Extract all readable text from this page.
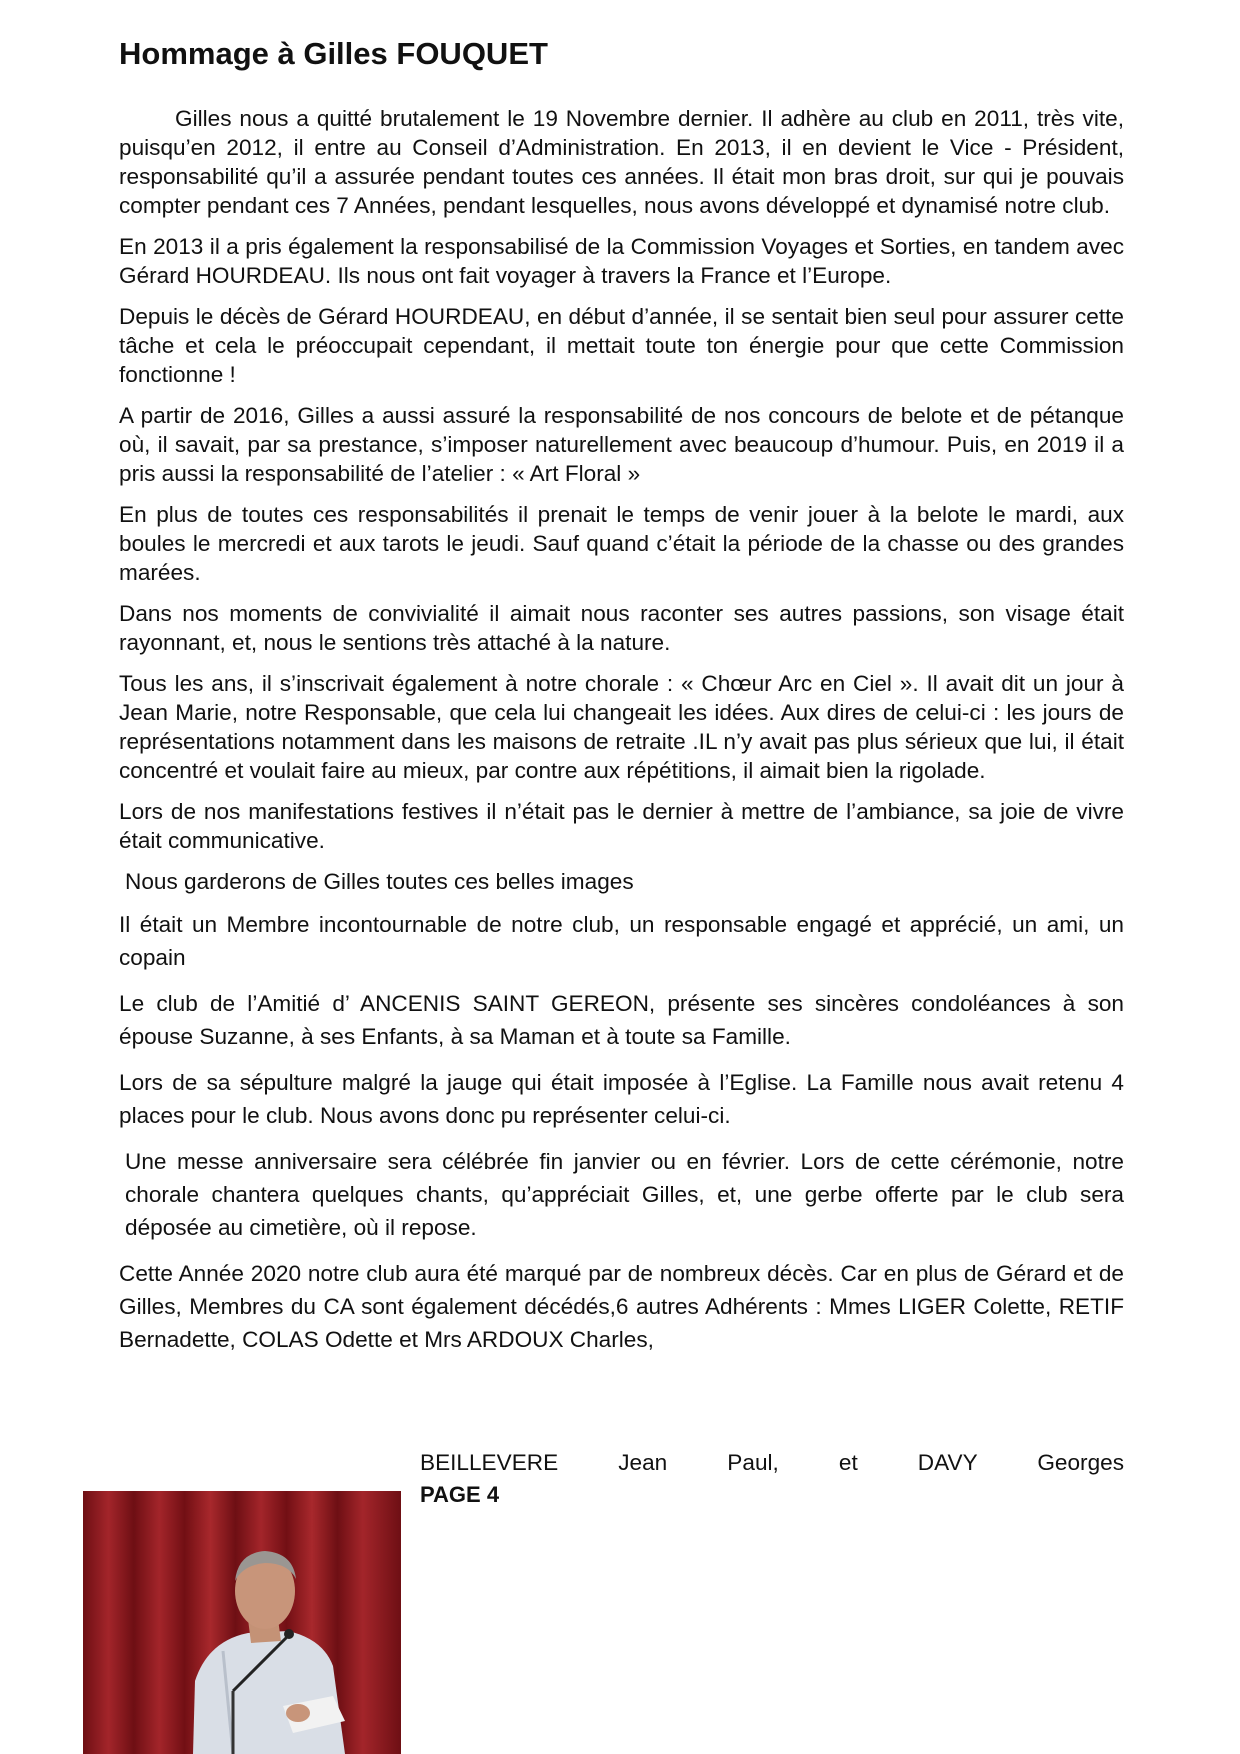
Hommage à Gilles FOUQUET

Gilles nous a quitté brutalement le 19 Novembre dernier. Il adhère au club en 2011, très vite, puisqu’en 2012, il entre au Conseil d’Administration. En 2013, il en devient le Vice - Président, responsabilité qu’il a assurée pendant toutes ces années. Il était mon bras droit, sur qui je pouvais compter pendant ces 7 Années, pendant lesquelles, nous avons développé et dynamisé notre club.

En 2013 il a pris également la responsabilisé de la Commission Voyages et Sorties, en tandem avec Gérard HOURDEAU. Ils nous ont fait voyager à travers la France et l’Europe.

Depuis le décès de Gérard HOURDEAU, en début d’année, il se sentait bien seul pour assurer cette tâche et cela le préoccupait cependant, il mettait toute ton énergie pour que cette Commission fonctionne !

A partir de 2016, Gilles a aussi assuré la responsabilité de nos concours de belote et de pétanque où, il savait, par sa prestance, s’imposer naturellement avec beaucoup d’humour. Puis, en 2019 il a pris aussi la responsabilité de l’atelier : « Art Floral »

En plus de toutes ces responsabilités il prenait le temps de venir jouer à la belote le mardi, aux boules le mercredi et aux tarots le jeudi. Sauf quand c’était la période de la chasse ou des grandes marées.

Dans nos moments de convivialité il aimait nous raconter ses autres passions, son visage était rayonnant, et, nous le sentions très attaché à la nature.

Tous les ans, il s’inscrivait également à notre chorale : « Chœur Arc en Ciel ». Il avait dit un jour à Jean Marie, notre Responsable, que cela lui changeait les idées. Aux dires de celui-ci : les jours de représentations notamment dans les maisons de retraite .IL n’y avait pas plus sérieux que lui, il était concentré et voulait faire au mieux, par contre aux répétitions, il aimait bien la rigolade.

Lors de nos manifestations festives il n’était pas le dernier à mettre de l’ambiance, sa joie de vivre était communicative.

Nous garderons de Gilles toutes ces belles images

Il était un Membre incontournable de notre club, un responsable engagé et apprécié, un ami, un copain

Le club de l’Amitié d’ ANCENIS SAINT GEREON, présente ses sincères condoléances à son épouse Suzanne, à ses Enfants, à sa Maman et à toute sa Famille.

Lors de sa sépulture malgré la jauge qui était imposée à l’Eglise. La Famille nous avait retenu 4 places pour le club. Nous avons donc pu représenter celui-ci.

Une messe anniversaire sera célébrée fin janvier ou en février. Lors de cette cérémonie, notre chorale chantera quelques chants, qu’appréciait Gilles, et, une gerbe offerte par le club sera déposée au cimetière, où il repose.

Cette Année 2020 notre club aura été marqué par de nombreux décès. Car en plus de Gérard et de Gilles, Membres du CA sont également décédés,6 autres Adhérents : Mmes LIGER Colette, RETIF Bernadette, COLAS Odette et Mrs ARDOUX Charles,

BEILLEVERE Jean Paul, et DAVY Georges

PAGE 4
